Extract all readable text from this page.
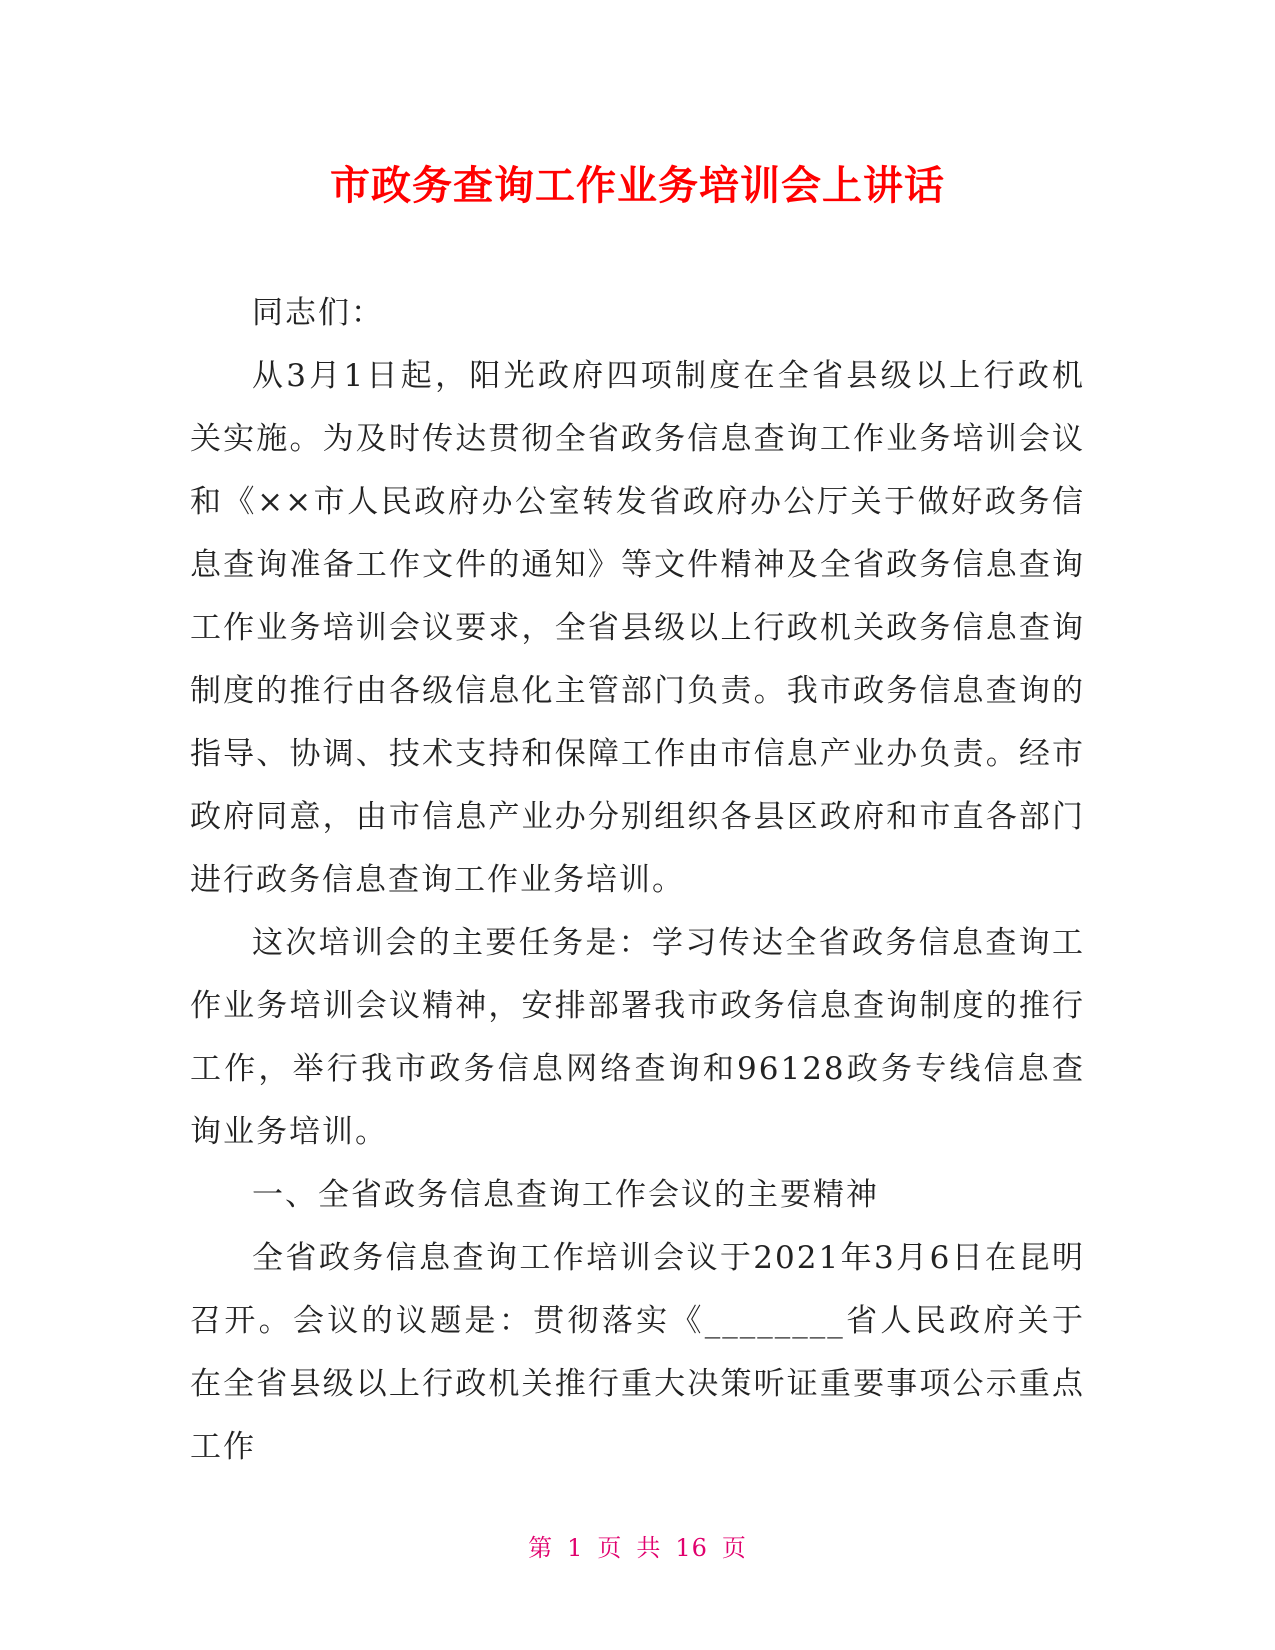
市政务查询工作业务培训会上讲话

同志们：

从3月1日起，阳光政府四项制度在全省县级以上行政机关实施。为及时传达贯彻全省政务信息查询工作业务培训会议和《××市人民政府办公室转发省政府办公厅关于做好政务信息查询准备工作文件的通知》等文件精神及全省政务信息查询工作业务培训会议要求，全省县级以上行政机关政务信息查询制度的推行由各级信息化主管部门负责。我市政务信息查询的指导、协调、技术支持和保障工作由市信息产业办负责。经市政府同意，由市信息产业办分别组织各县区政府和市直各部门进行政务信息查询工作业务培训。

这次培训会的主要任务是：学习传达全省政务信息查询工作业务培训会议精神，安排部署我市政务信息查询制度的推行工作，举行我市政务信息网络查询和96128政务专线信息查询业务培训。

一、全省政务信息查询工作会议的主要精神

全省政务信息查询工作培训会议于2021年3月6日在昆明召开。会议的议题是：贯彻落实《________省人民政府关于在全省县级以上行政机关推行重大决策听证重要事项公示重点工作

第 1 页 共 16 页
